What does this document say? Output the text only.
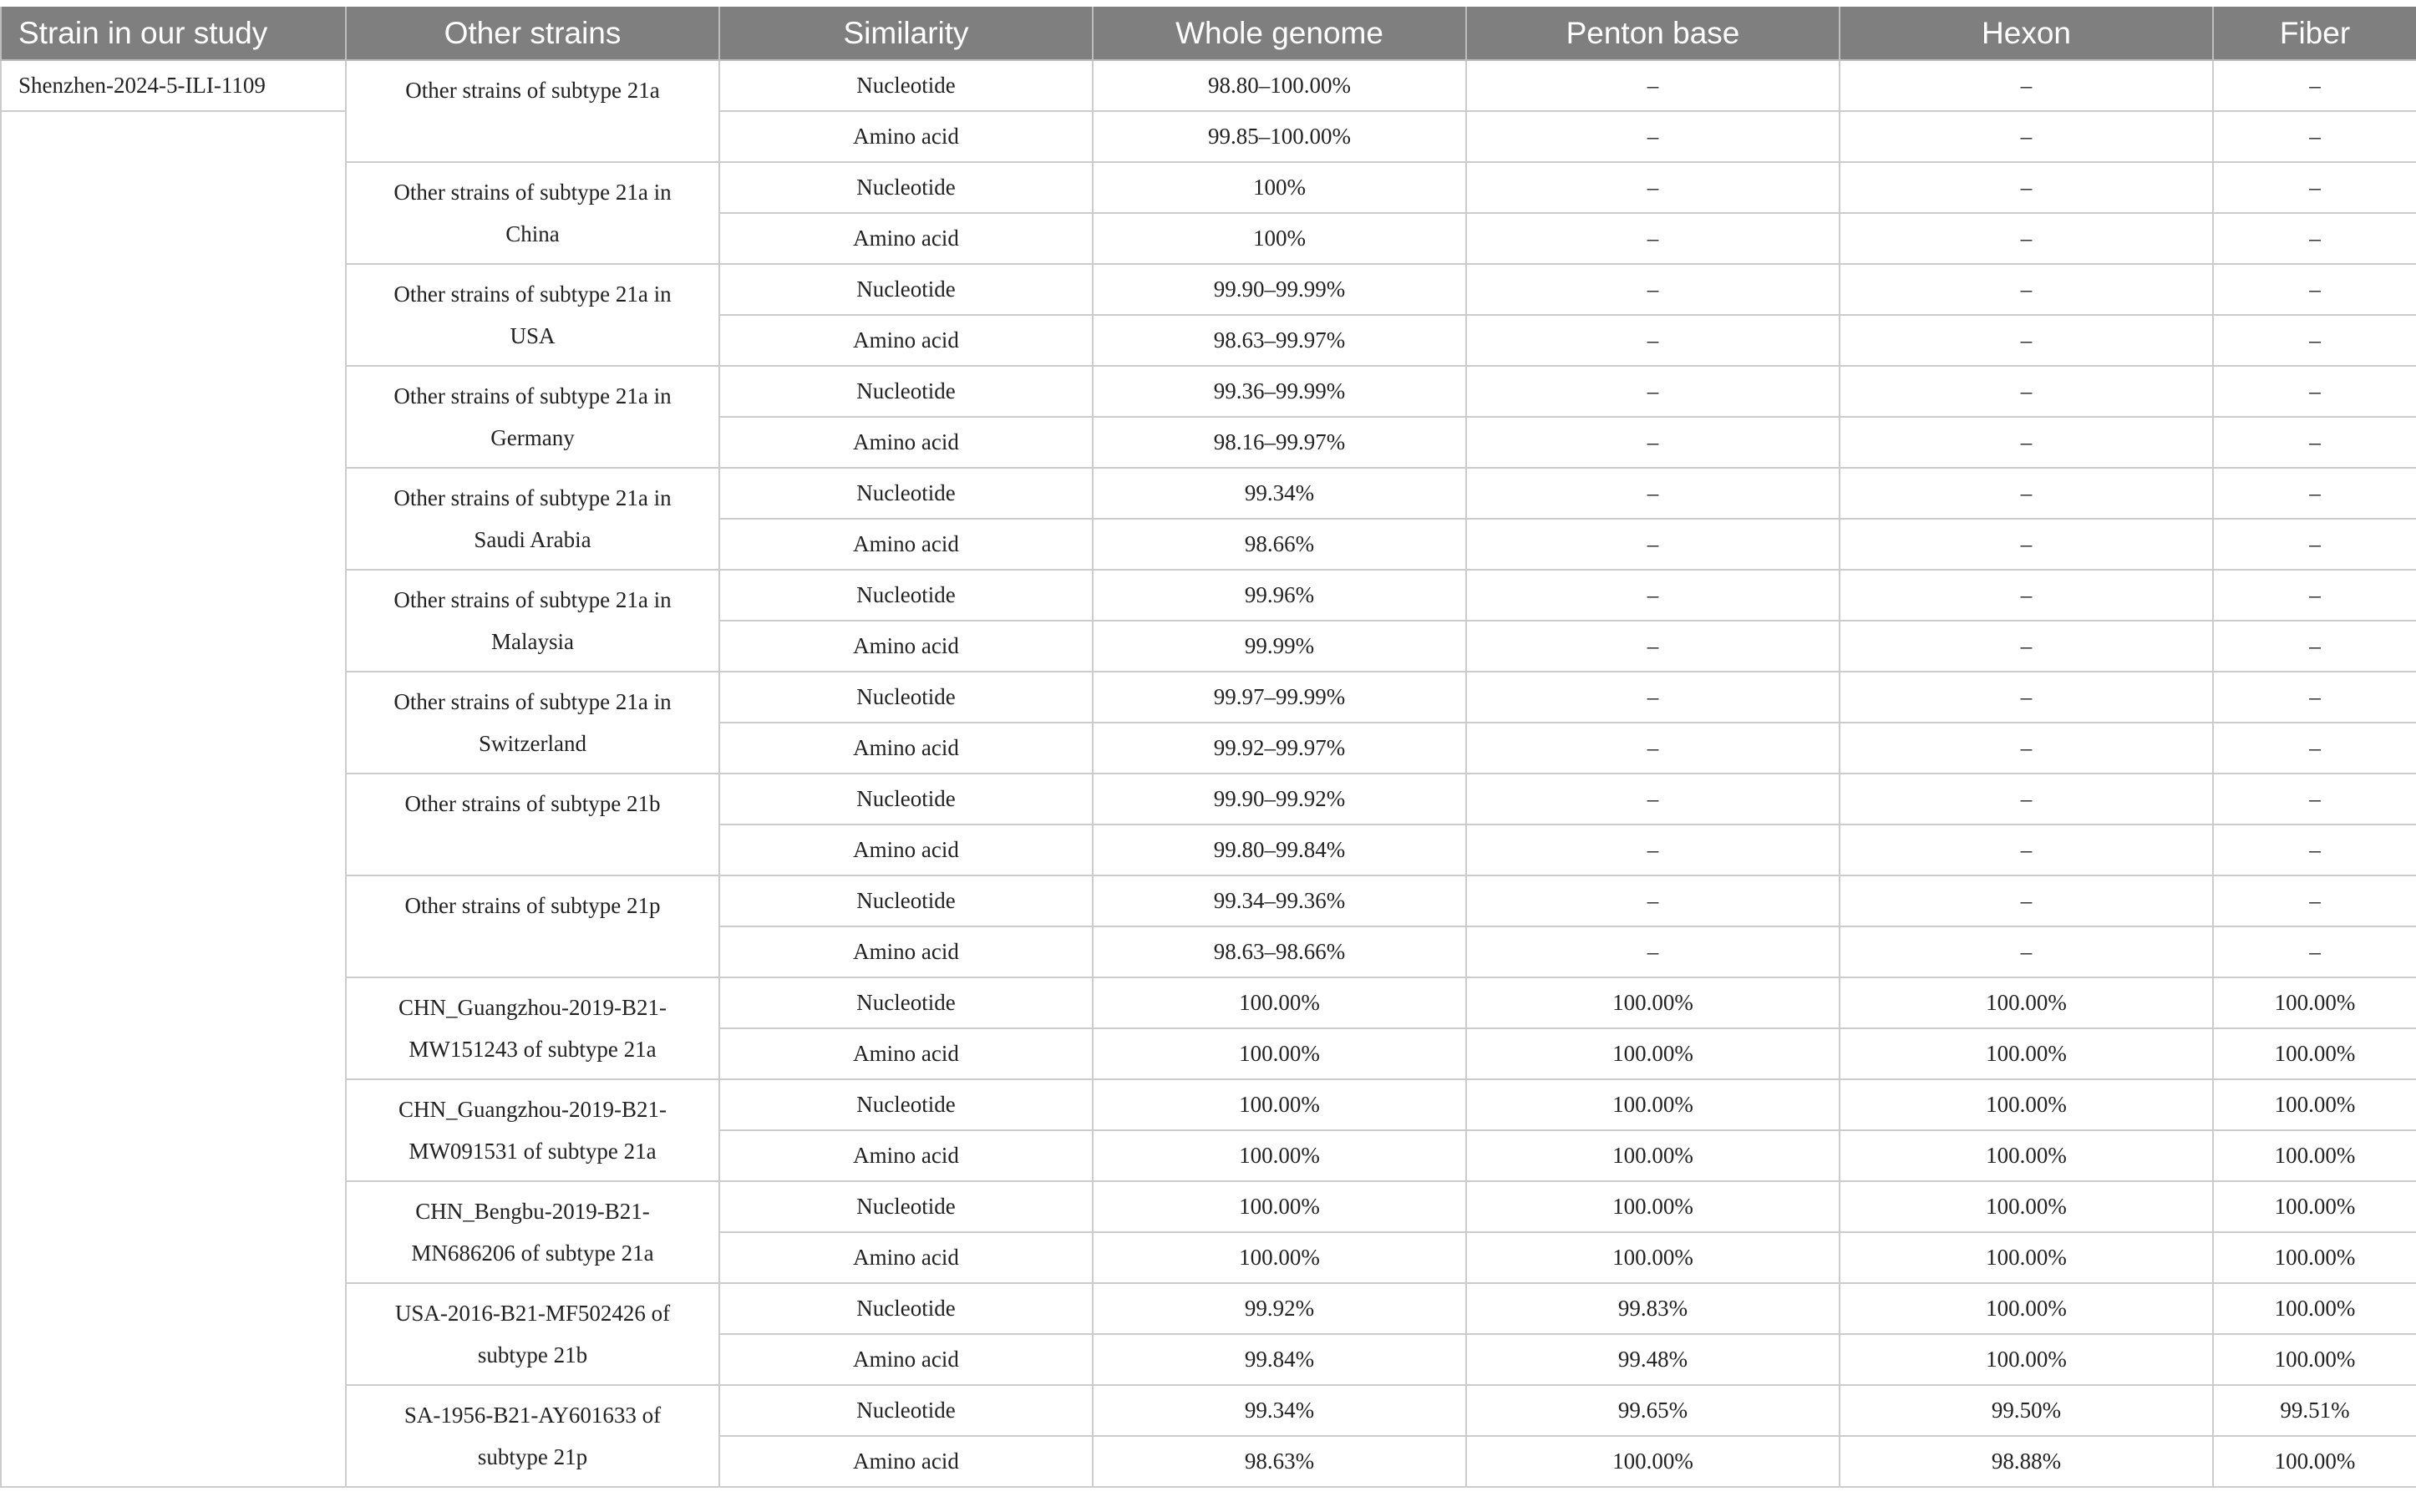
Strain in our study	Other strains	Similarity	Whole genome	Penton base	Hexon	Fiber
Shenzhen-2024-5-ILI-1109	Other strains of subtype 21a	Nucleotide	98.80–100.00%	–	–	–
		Amino acid	99.85–100.00%	–	–	–
	Other strains of subtype 21a in China	Nucleotide	100%	–	–	–
		Amino acid	100%	–	–	–
	Other strains of subtype 21a in USA	Nucleotide	99.90–99.99%	–	–	–
		Amino acid	98.63–99.97%	–	–	–
	Other strains of subtype 21a in Germany	Nucleotide	99.36–99.99%	–	–	–
		Amino acid	98.16–99.97%	–	–	–
	Other strains of subtype 21a in Saudi Arabia	Nucleotide	99.34%	–	–	–
		Amino acid	98.66%	–	–	–
	Other strains of subtype 21a in Malaysia	Nucleotide	99.96%	–	–	–
		Amino acid	99.99%	–	–	–
	Other strains of subtype 21a in Switzerland	Nucleotide	99.97–99.99%	–	–	–
		Amino acid	99.92–99.97%	–	–	–
	Other strains of subtype 21b	Nucleotide	99.90–99.92%	–	–	–
		Amino acid	99.80–99.84%	–	–	–
	Other strains of subtype 21p	Nucleotide	99.34–99.36%	–	–	–
		Amino acid	98.63–98.66%	–	–	–
	CHN_Guangzhou-2019-B21-MW151243 of subtype 21a	Nucleotide	100.00%	100.00%	100.00%	100.00%
		Amino acid	100.00%	100.00%	100.00%	100.00%
	CHN_Guangzhou-2019-B21-MW091531 of subtype 21a	Nucleotide	100.00%	100.00%	100.00%	100.00%
		Amino acid	100.00%	100.00%	100.00%	100.00%
	CHN_Bengbu-2019-B21-MN686206 of subtype 21a	Nucleotide	100.00%	100.00%	100.00%	100.00%
		Amino acid	100.00%	100.00%	100.00%	100.00%
	USA-2016-B21-MF502426 of subtype 21b	Nucleotide	99.92%	99.83%	100.00%	100.00%
		Amino acid	99.84%	99.48%	100.00%	100.00%
	SA-1956-B21-AY601633 of subtype 21p	Nucleotide	99.34%	99.65%	99.50%	99.51%
		Amino acid	98.63%	100.00%	98.88%	100.00%
